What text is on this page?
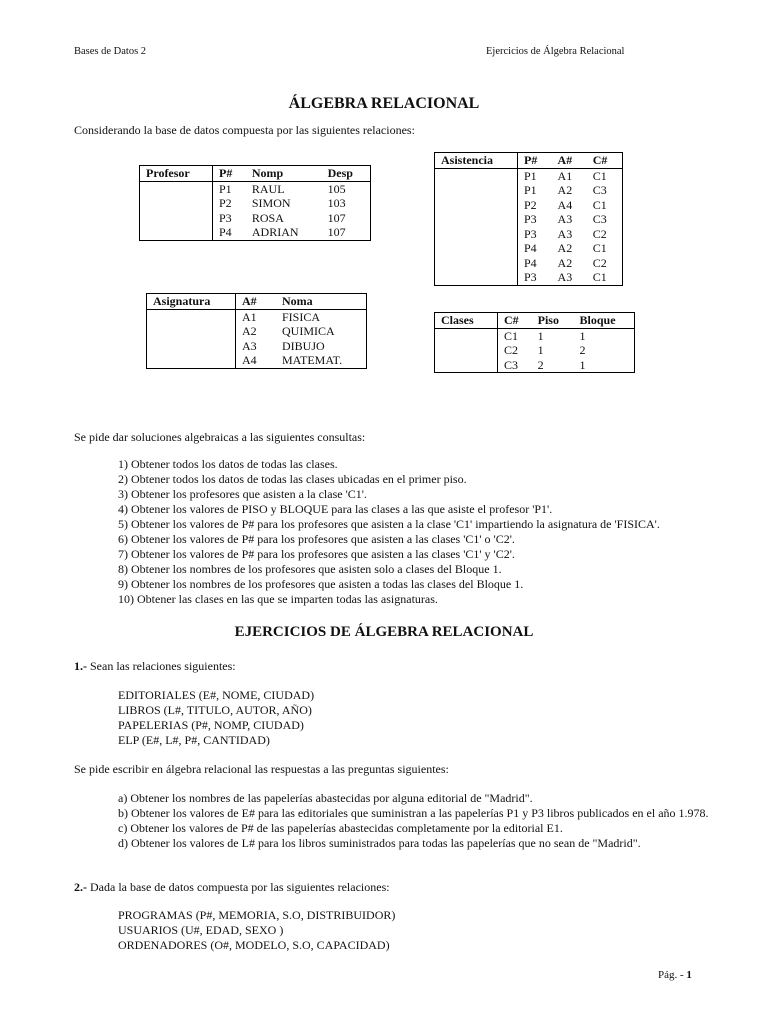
Bases de Datos 2	Ejercicios de Álgebra Relacional
ÁLGEBRA RELACIONAL
Considerando la base de datos compuesta por las siguientes relaciones:
Profesor	P#	Nomp	Desp
	P1	RAUL	105
	P2	SIMON	103
	P3	ROSA	107
	P4	ADRIAN	107
Asistencia	P#	A#	C#
	P1	A1	C1
	P1	A2	C3
	P2	A4	C1
	P3	A3	C3
	P3	A3	C2
	P4	A2	C1
	P4	A2	C2
	P3	A3	C1
Asignatura	A#	Noma
	A1	FISICA
	A2	QUIMICA
	A3	DIBUJO
	A4	MATEMAT.
Clases	C#	Piso	Bloque
	C1	1	1
	C2	1	2
	C3	2	1
Se pide dar soluciones algebraicas a las siguientes consultas:
1) Obtener todos los datos de todas las clases.
2) Obtener todos los datos de todas las clases ubicadas en el primer piso.
3) Obtener los profesores que asisten a la clase 'C1'.
4) Obtener los valores de PISO y BLOQUE para las clases a las que asiste el profesor 'P1'.
5) Obtener los valores de P# para los profesores que asisten a la clase 'C1' impartiendo la asignatura de 'FISICA'.
6) Obtener los valores de P# para los profesores que asisten a las clases 'C1' o 'C2'.
7) Obtener los valores de P# para los profesores que asisten a las clases 'C1' y 'C2'.
8) Obtener los nombres de los profesores que asisten solo a clases del Bloque 1.
9) Obtener los nombres de los profesores que asisten a todas las clases del Bloque 1.
10) Obtener las clases en las que se imparten todas las asignaturas.
EJERCICIOS DE ÁLGEBRA RELACIONAL
1.- Sean las relaciones siguientes:
EDITORIALES (E#, NOME, CIUDAD)
LIBROS (L#, TITULO, AUTOR, AÑO)
PAPELERIAS (P#, NOMP, CIUDAD)
ELP (E#, L#, P#, CANTIDAD)
Se pide escribir en álgebra relacional las respuestas a las preguntas siguientes:
a) Obtener los nombres de las papelerías abastecidas por alguna editorial de "Madrid".
b) Obtener los valores de E# para las editoriales que suministran a las papelerías P1 y P3 libros publicados en el año 1.978.
c) Obtener los valores de P# de las papelerías abastecidas completamente por la editorial E1.
d) Obtener los valores de L# para los libros suministrados para todas las papelerías que no sean de "Madrid".
2.- Dada la base de datos compuesta por las siguientes relaciones:
PROGRAMAS (P#, MEMORIA, S.O, DISTRIBUIDOR)
USUARIOS (U#, EDAD, SEXO )
ORDENADORES (O#, MODELO, S.O, CAPACIDAD)
Pág. - 1
